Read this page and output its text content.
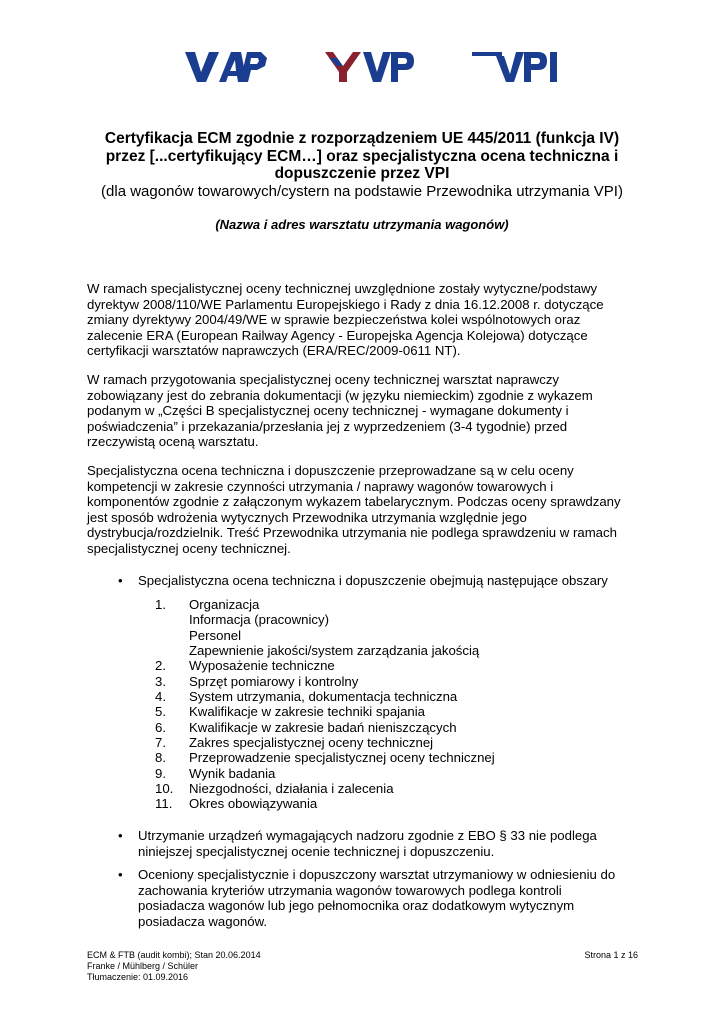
Certyfikacja ECM zgodnie z rozporządzeniem UE 445/2011 (funkcja IV)
przez [...certyfikujący ECM…] oraz specjalistyczna ocena techniczna i
dopuszczenie przez VPI
(dla wagonów towarowych/cystern na podstawie Przewodnika utrzymania VPI)
(Nazwa i adres warsztatu utrzymania wagonów)

W ramach specjalistycznej oceny technicznej uwzględnione zostały wytyczne/podstawy

dyrektyw 2008/110/WE Parlamentu Europejskiego i Rady z dnia 16.12.2008 r. dotyczące

zmiany dyrektywy 2004/49/WE w sprawie bezpieczeństwa kolei wspólnotowych oraz

zalecenie ERA (European Railway Agency - Europejska Agencja Kolejowa) dotyczące

certyfikacji warsztatów naprawczych (ERA/REC/2009-0611 NT).

W ramach przygotowania specjalistycznej oceny technicznej warsztat naprawczy

zobowiązany jest do zebrania dokumentacji (w języku niemieckim) zgodnie z wykazem

podanym w „Części B specjalistycznej oceny technicznej - wymagane dokumenty i

poświadczenia” i przekazania/przesłania jej z wyprzedzeniem (3-4 tygodnie) przed

rzeczywistą oceną warsztatu.

Specjalistyczna ocena techniczna i dopuszczenie przeprowadzane są w celu oceny

kompetencji w zakresie czynności utrzymania / naprawy wagonów towarowych i

komponentów zgodnie z załączonym wykazem tabelarycznym. Podczas oceny sprawdzany

jest sposób wdrożenia wytycznych Przewodnika utrzymania względnie jego

dystrybucja/rozdzielnik. Treść Przewodnika utrzymania nie podlega sprawdzeniu w ramach

specjalistycznej oceny technicznej.

• Specjalistyczna ocena techniczna i dopuszczenie obejmują następujące obszary
1.	Organizacja
Informacja (pracownicy)
Personel
Zapewnienie jakości/system zarządzania jakością
2.	Wyposażenie techniczne
3.	Sprzęt pomiarowy i kontrolny
4.	System utrzymania, dokumentacja techniczna
5.	Kwalifikacje w zakresie techniki spajania
6.	Kwalifikacje w zakresie badań nieniszczących
7.	Zakres specjalistycznej oceny technicznej
8.	Przeprowadzenie specjalistycznej oceny technicznej
9.	Wynik badania
10.	Niezgodności, działania i zalecenia
11.	Okres obowiązywania
• Utrzymanie urządzeń wymagających nadzoru zgodnie z EBO § 33 nie podlega
niniejszej specjalistycznej ocenie technicznej i dopuszczeniu.
• Oceniony specjalistycznie i dopuszczony warsztat utrzymaniowy w odniesieniu do
zachowania kryteriów utrzymania wagonów towarowych podlega kontroli
posiadacza wagonów lub jego pełnomocnika oraz dodatkowym wytycznym
posiadacza wagonów.
ECM & FTB (audit kombi); Stan 20.06.2014
Franke / Mühlberg / Schüler
Tłumaczenie: 01.09.2016
Strona 1 z 16
